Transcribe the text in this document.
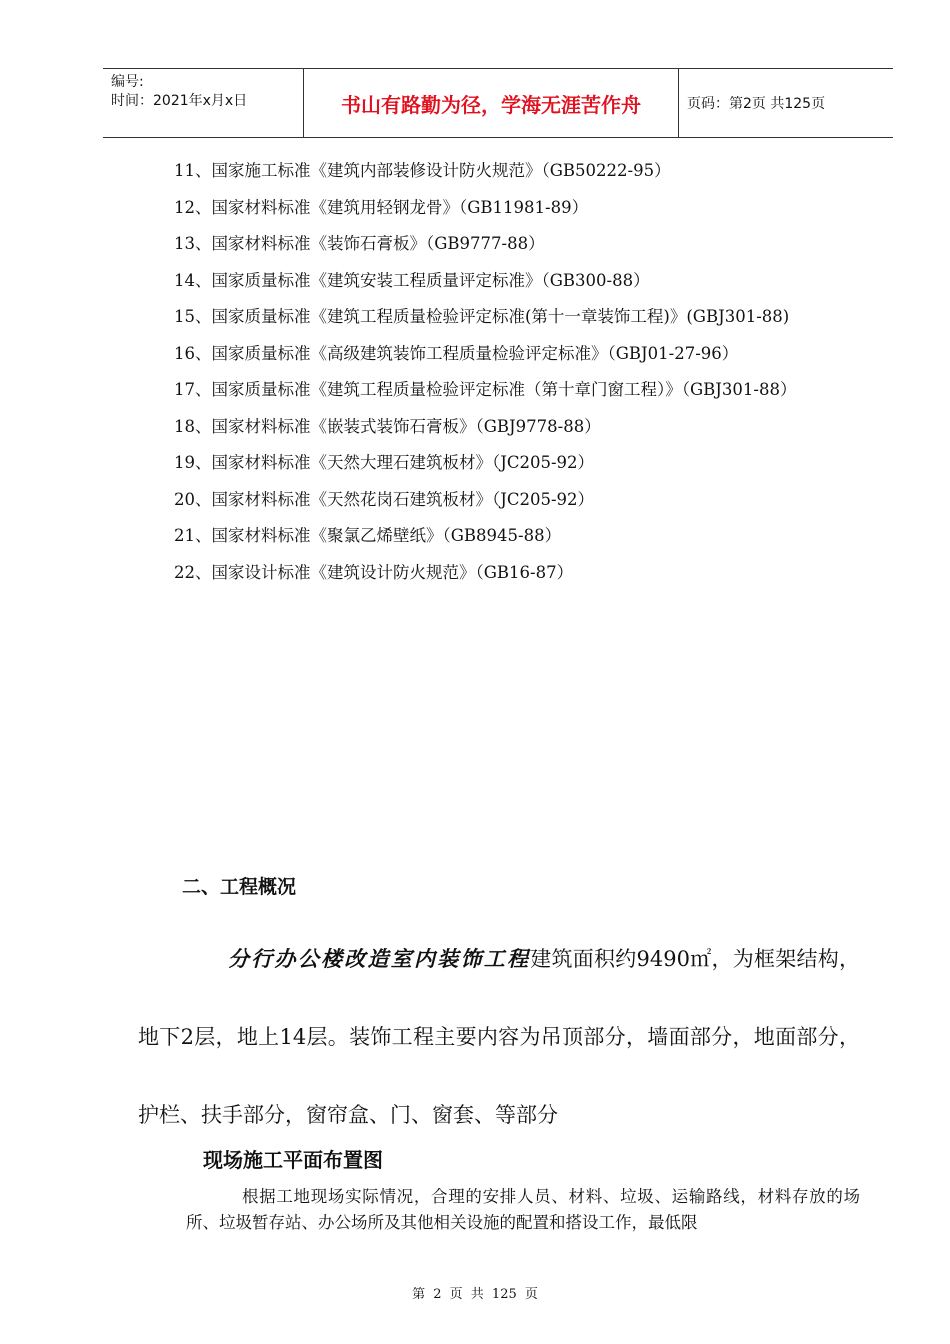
编号:
时间：2021年x月x日	书山有路勤为径，学海无涯苦作舟	页码：第2页 共125页
11、国家施工标准《建筑内部装修设计防火规范》（GB50222-95）
12、国家材料标准《建筑用轻钢龙骨》（GB11981-89）
13、国家材料标准《装饰石膏板》（GB9777-88）
14、国家质量标准《建筑安装工程质量评定标准》（GB300-88）
15、国家质量标准《建筑工程质量检验评定标准(第十一章装饰工程)》(GBJ301-88)
16、国家质量标准《高级建筑装饰工程质量检验评定标准》（GBJ01-27-96）
17、国家质量标准《建筑工程质量检验评定标准（第十章门窗工程）》（GBJ301-88）
18、国家材料标准《嵌装式装饰石膏板》（GBJ9778-88）
19、国家材料标准《天然大理石建筑板材》（JC205-92）
20、国家材料标准《天然花岗石建筑板材》（JC205-92）
21、国家材料标准《聚氯乙烯壁纸》（GB8945-88）
22、国家设计标准《建筑设计防火规范》（GB16-87）
二、工程概况
分行办公楼改造室内装饰工程建筑面积约9490㎡，为框架结构，地下2层，地上14层。装饰工程主要内容为吊顶部分，墙面部分，地面部分，护栏、扶手部分，窗帘盒、门、窗套、等部分
现场施工平面布置图
根据工地现场实际情况，合理的安排人员、材料、垃圾、运输路线，材料存放的场所、垃圾暂存站、办公场所及其他相关设施的配置和搭设工作，最低限
第 2 页 共 125 页
